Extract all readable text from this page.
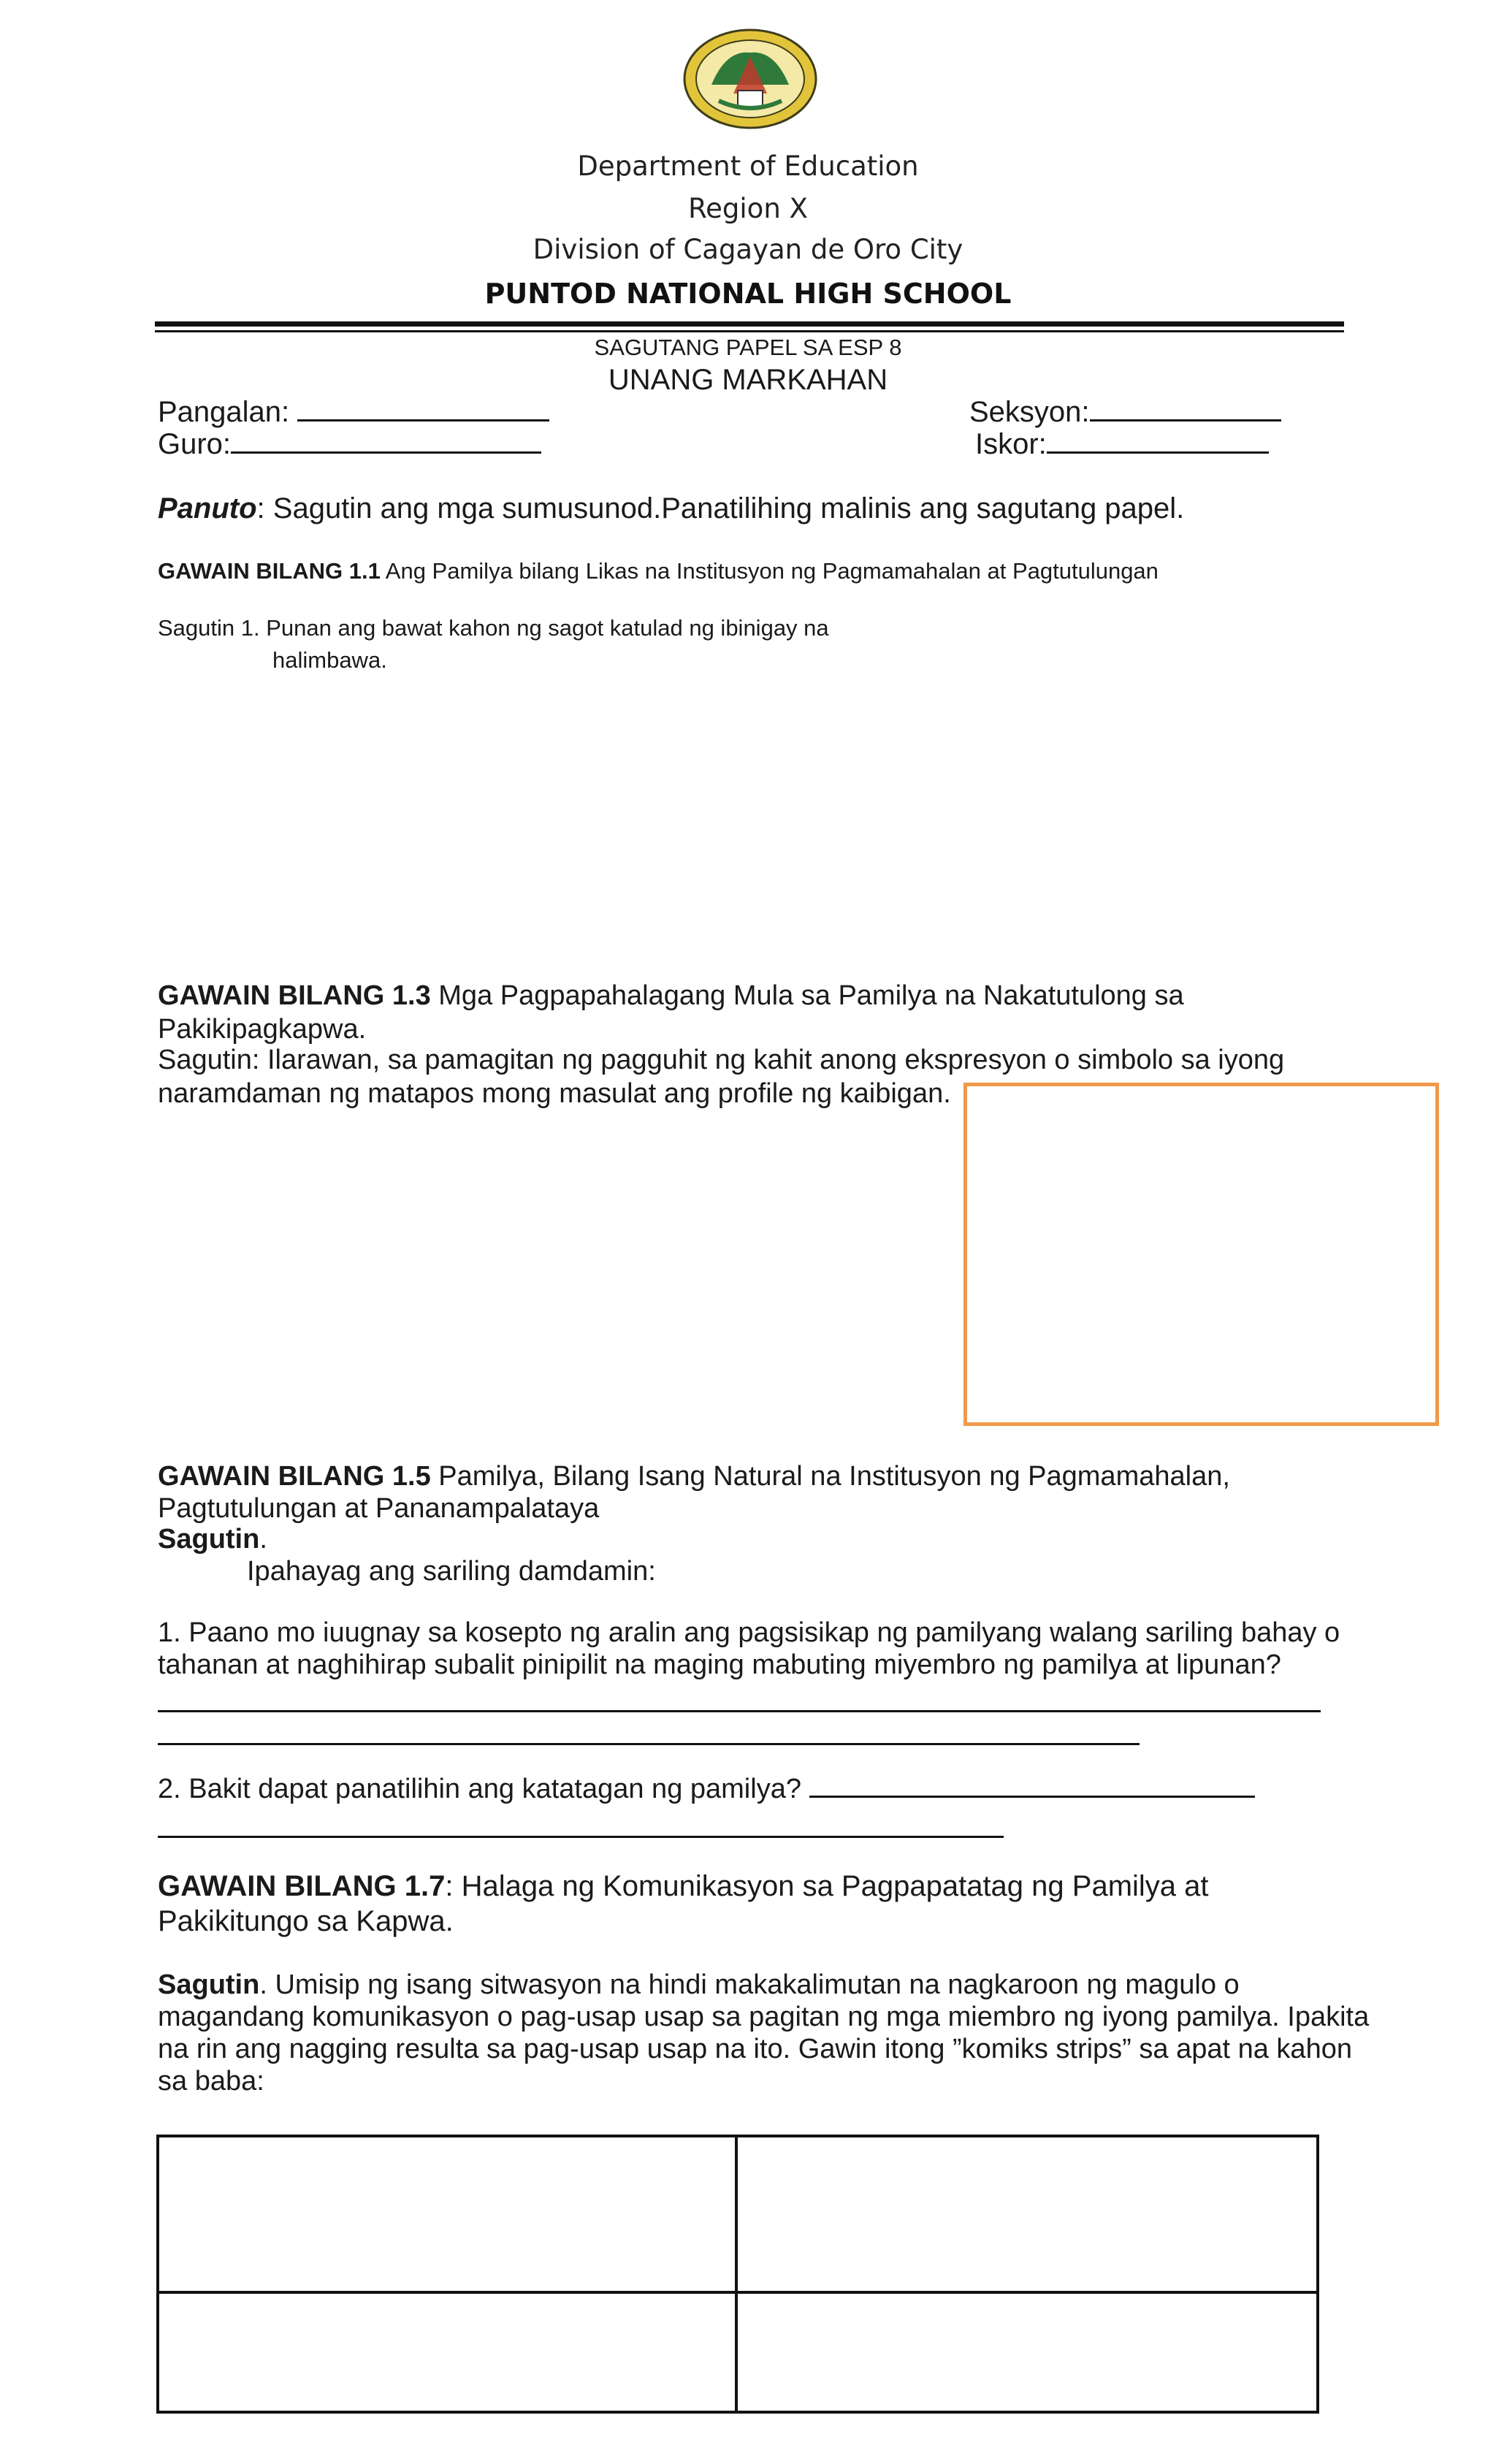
Department of Education
Region X
Division of Cagayan de Oro City
PUNTOD NATIONAL HIGH SCHOOL
SAGUTANG PAPEL SA ESP 8
UNANG MARKAHAN
Pangalan:	Seksyon:
Guro:	Iskor:
Panuto: Sagutin ang mga sumusunod.Panatilihing malinis ang sagutang papel.
GAWAIN BILANG 1.1 Ang Pamilya bilang Likas na Institusyon ng Pagmamahalan at Pagtutulungan
Sagutin 1. Punan ang bawat kahon ng sagot katulad ng ibinigay na
halimbawa.
GAWAIN BILANG 1.3 Mga Pagpapahalagang Mula sa Pamilya na Nakatutulong sa
Pakikipagkapwa.
Sagutin: Ilarawan, sa pamagitan ng pagguhit ng kahit anong ekspresyon o simbolo sa iyong
naramdaman ng matapos mong masulat ang profile ng kaibigan.
GAWAIN BILANG 1.5 Pamilya, Bilang Isang Natural na Institusyon ng Pagmamahalan,
Pagtutulungan at Pananampalataya
Sagutin.
Ipahayag ang sariling damdamin:
1. Paano mo iuugnay sa kosepto ng aralin ang pagsisikap ng pamilyang walang sariling bahay o
tahanan at naghihirap subalit pinipilit na maging mabuting miyembro ng pamilya at lipunan?
2. Bakit dapat panatilihin ang katatagan ng pamilya?
GAWAIN BILANG 1.7: Halaga ng Komunikasyon sa Pagpapatatag ng Pamilya at
Pakikitungo sa Kapwa.
Sagutin. Umisip ng isang sitwasyon na hindi makakalimutan na nagkaroon ng magulo o
magandang komunikasyon o pag-usap usap sa pagitan ng mga miembro ng iyong pamilya. Ipakita
na rin ang nagging resulta sa pag-usap usap na ito. Gawin itong ”komiks strips” sa apat na kahon
sa baba:
